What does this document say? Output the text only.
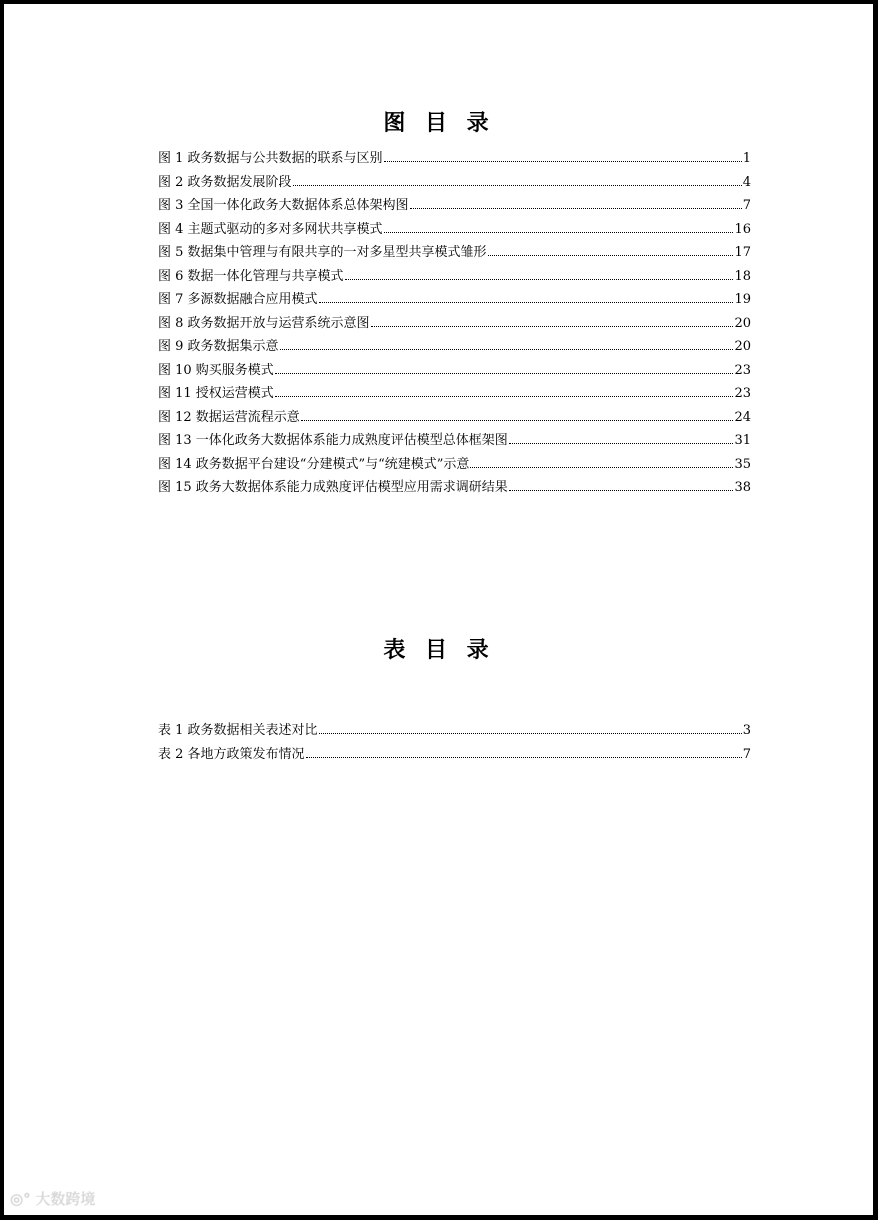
图 目 录
图 1 政务数据与公共数据的联系与区别	1
图 2 政务数据发展阶段	4
图 3 全国一体化政务大数据体系总体架构图	7
图 4 主题式驱动的多对多网状共享模式	16
图 5 数据集中管理与有限共享的一对多星型共享模式雏形	17
图 6 数据一体化管理与共享模式	18
图 7 多源数据融合应用模式	19
图 8 政务数据开放与运营系统示意图	20
图 9 政务数据集示意	20
图 10 购买服务模式	23
图 11 授权运营模式	23
图 12 数据运营流程示意	24
图 13 一体化政务大数据体系能力成熟度评估模型总体框架图	31
图 14 政务数据平台建设“分建模式”与“统建模式”示意	35
图 15 政务大数据体系能力成熟度评估模型应用需求调研结果	38
表 目 录
表 1 政务数据相关表述对比	3
表 2 各地方政策发布情况	7
◎° 大数跨境
